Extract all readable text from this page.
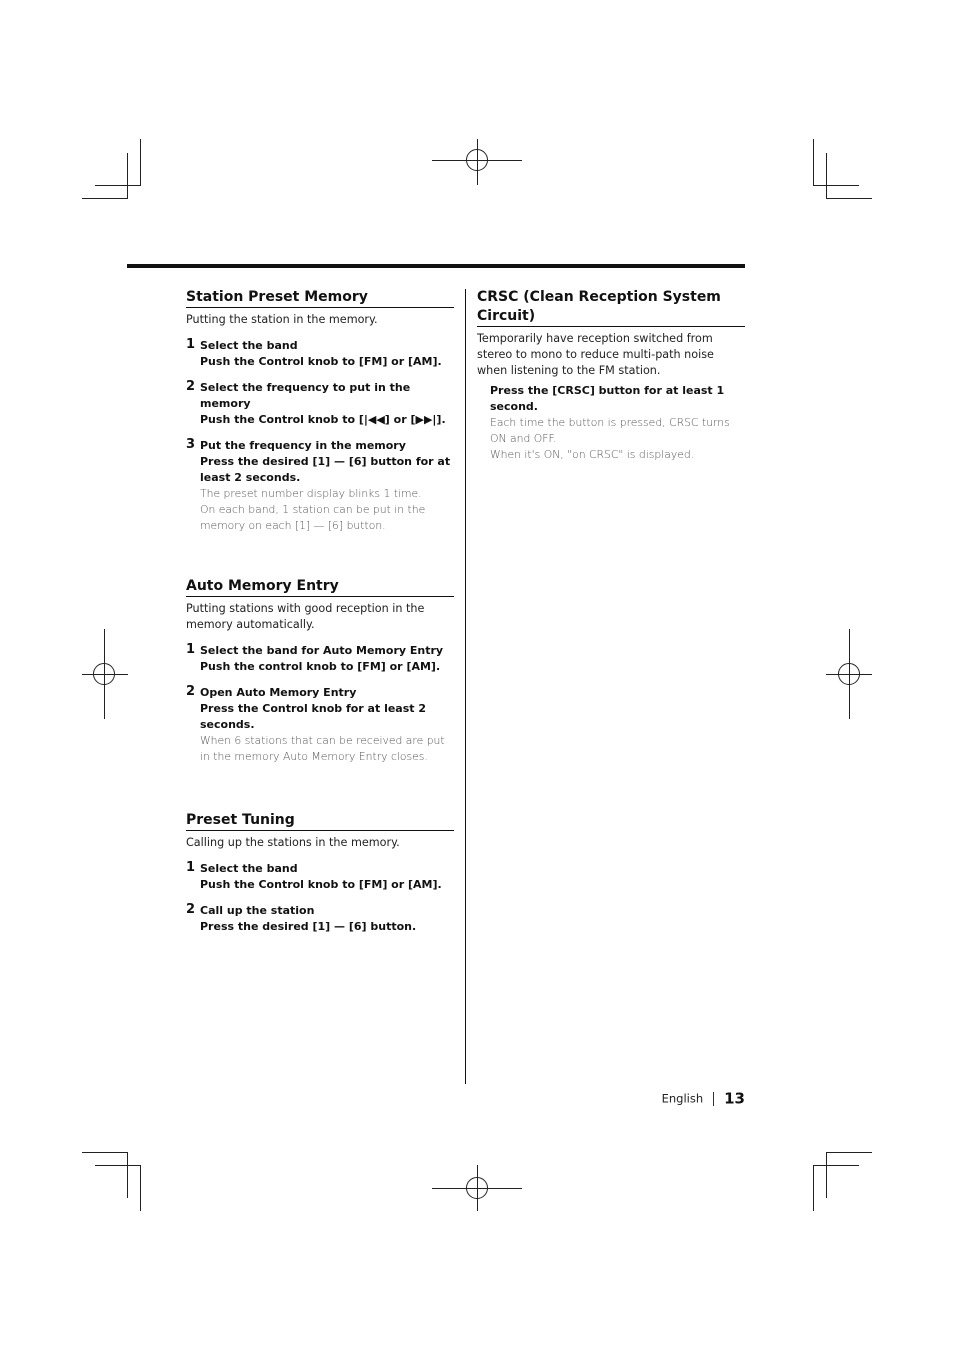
Station Preset Memory

Putting the station in the memory.

1 Select the band
Push the Control knob to [FM] or [AM].
2 Select the frequency to put in the memory
Push the Control knob to [|◀◀] or [▶▶|].
3 Put the frequency in the memory
Press the desired [1] — [6] button for at least 2 seconds.
The preset number display blinks 1 time.
On each band, 1 station can be put in the memory on each [1] — [6] button.
Auto Memory Entry

Putting stations with good reception in the memory automatically.

1 Select the band for Auto Memory Entry
Push the control knob to [FM] or [AM].
2 Open Auto Memory Entry
Press the Control knob for at least 2 seconds.
When 6 stations that can be received are put in the memory Auto Memory Entry closes.
Preset Tuning

Calling up the stations in the memory.

1 Select the band
Push the Control knob to [FM] or [AM].
2 Call up the station
Press the desired [1] — [6] button.
CRSC (Clean Reception System Circuit)

Temporarily have reception switched from stereo to mono to reduce multi-path noise when listening to the FM station.

Press the [CRSC] button for at least 1 second.
Each time the button is pressed, CRSC turns ON and OFF.
When it's ON, "on CRSC" is displayed.
English 13
